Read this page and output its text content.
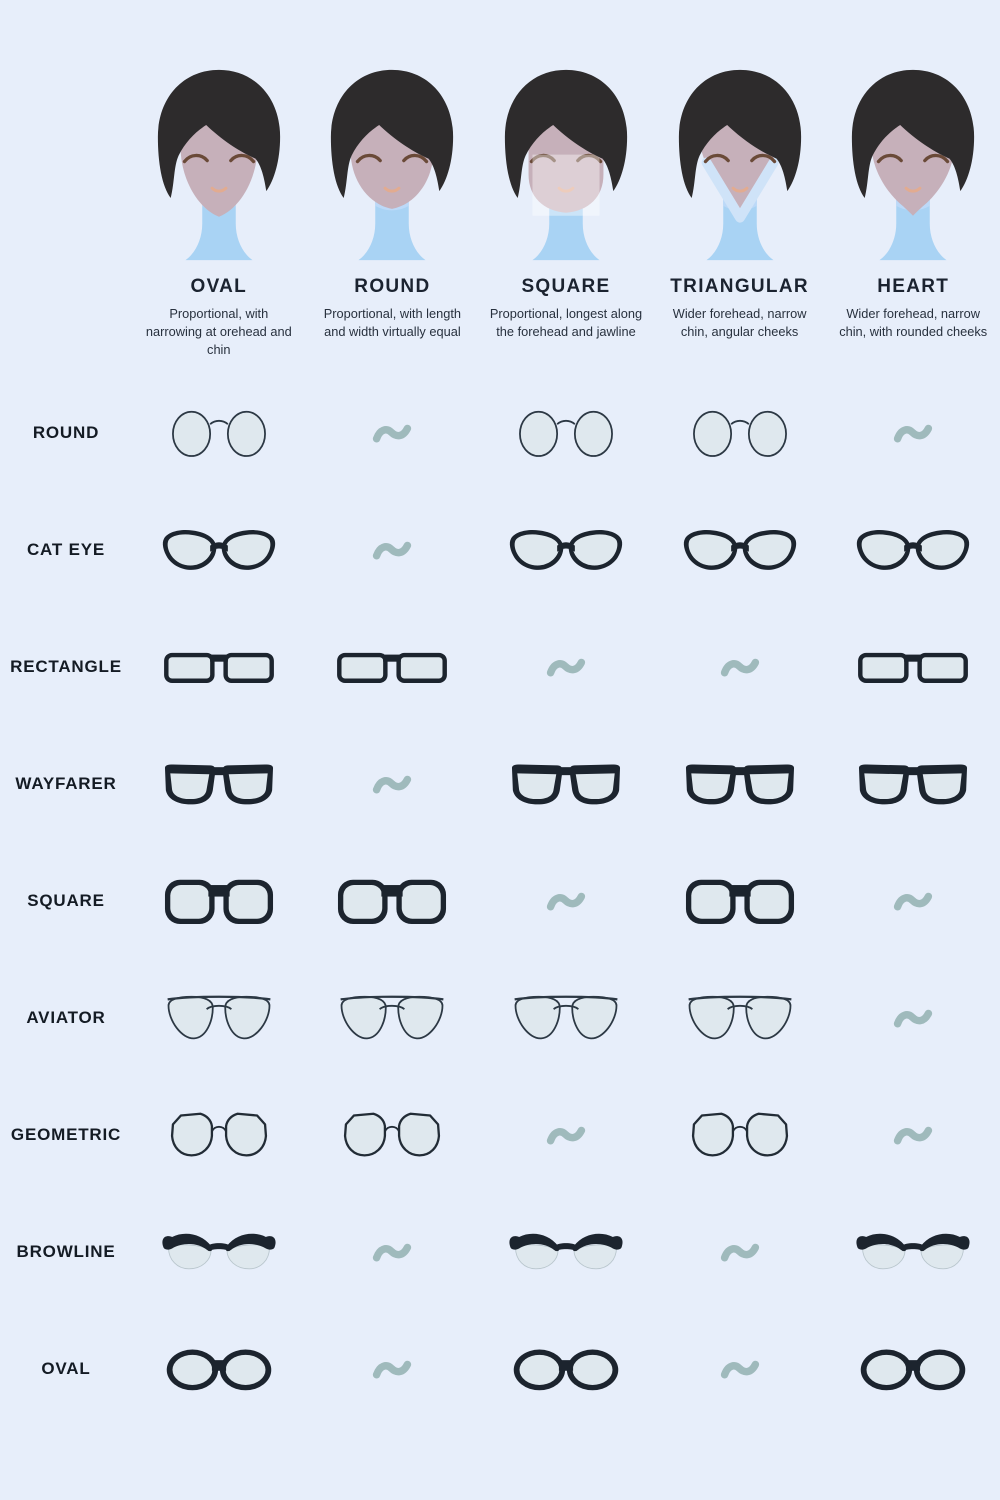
OVAL
Proportional, with narrowing at orehead and chin
ROUND
Proportional, with length and width virtually equal
SQUARE
Proportional, longest along the forehead and jawline
TRIANGULAR
Wider forehead, narrow chin, angular cheeks
HEART
Wider forehead, narrow chin, with rounded cheeks
ROUND
CAT EYE
RECTANGLE
WAYFARER
SQUARE
AVIATOR
GEOMETRIC
BROWLINE
OVAL
